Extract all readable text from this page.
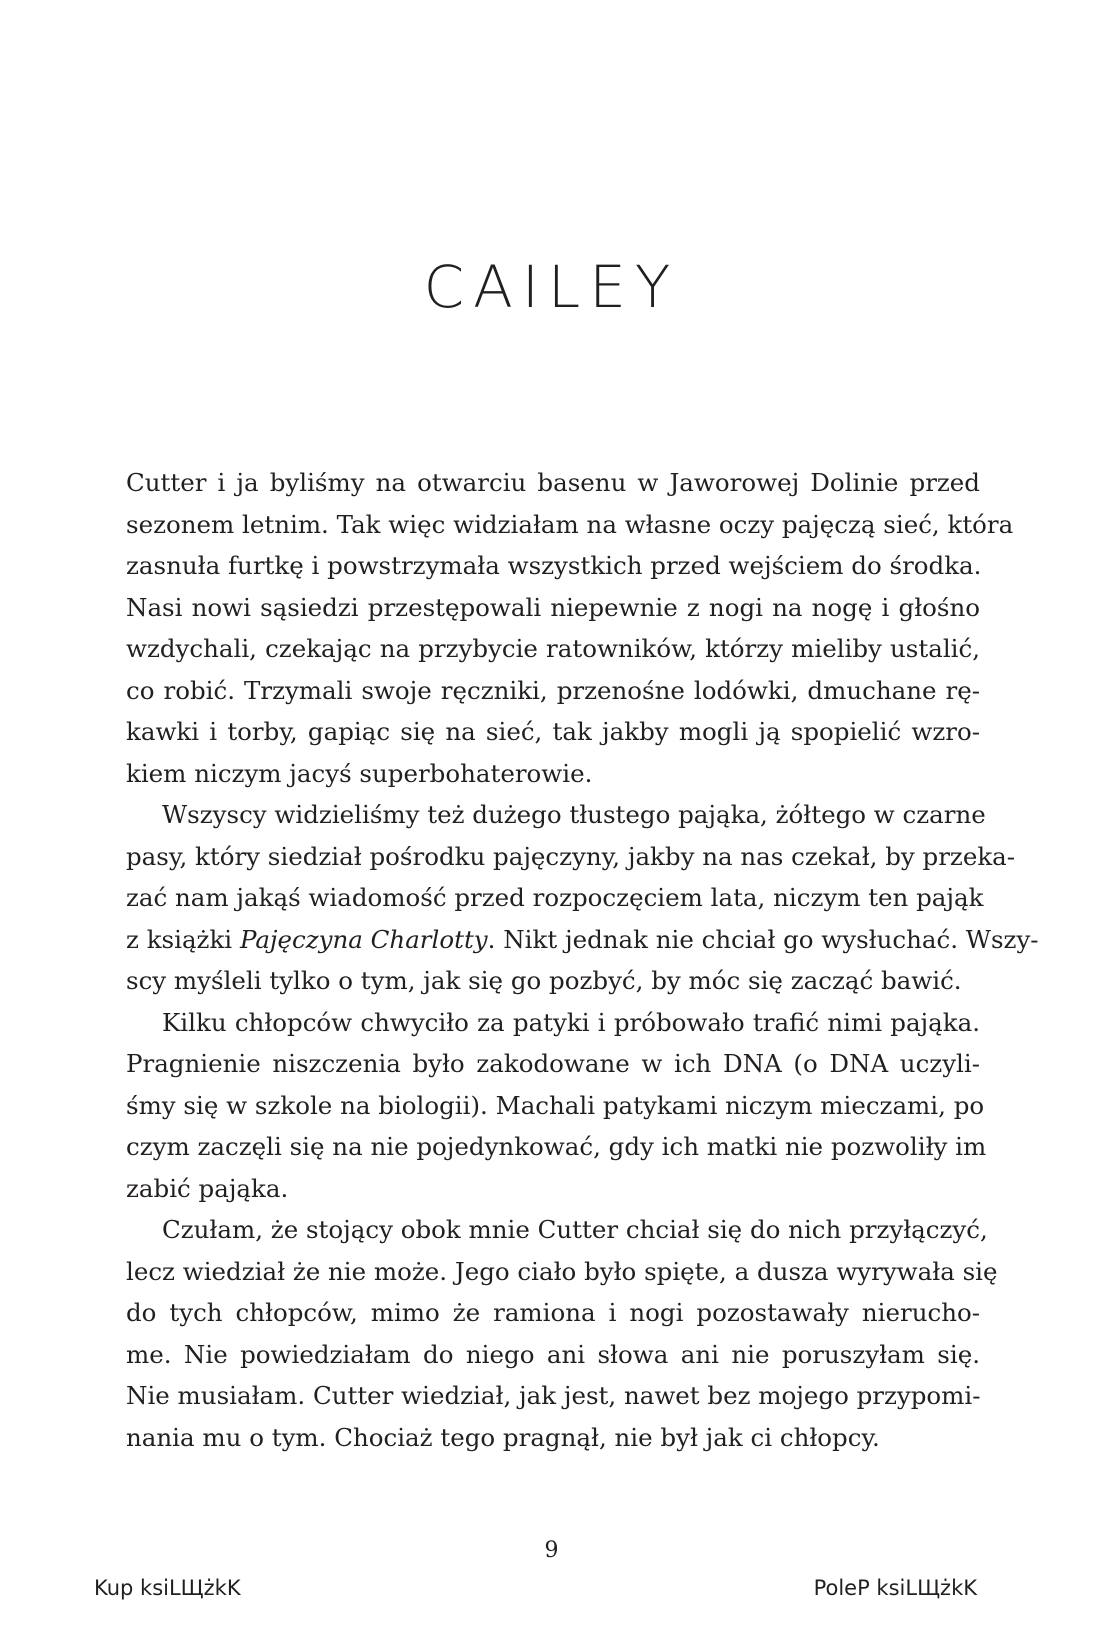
CAILEY

Cutter i ja byliśmy na otwarciu basenu w Jaworowej Dolinie przed
sezonem letnim. Tak więc widziałam na własne oczy pajęczą sieć, która
zasnuła furtkę i powstrzymała wszystkich przed wejściem do środka.
Nasi nowi sąsiedzi przestępowali niepewnie z nogi na nogę i głośno
wzdychali, czekając na przybycie ratowników, którzy mieliby ustalić,
co robić. Trzymali swoje ręczniki, przenośne lodówki, dmuchane rę-
kawki i torby, gapiąc się na sieć, tak jakby mogli ją spopielić wzro-
kiem niczym jacyś superbohaterowie.

Wszyscy widzieliśmy też dużego tłustego pająka, żółtego w czarne
pasy, który siedział pośrodku pajęczyny, jakby na nas czekał, by przeka-
zać nam jakąś wiadomość przed rozpoczęciem lata, niczym ten pająk
z książki Pajęczyna Charlotty. Nikt jednak nie chciał go wysłuchać. Wszy-
scy myśleli tylko o tym, jak się go pozbyć, by móc się zacząć bawić.

Kilku chłopców chwyciło za patyki i próbowało trafić nimi pająka.
Pragnienie niszczenia było zakodowane w ich DNA (o DNA uczyli-
śmy się w szkole na biologii). Machali patykami niczym mieczami, po
czym zaczęli się na nie pojedynkować, gdy ich matki nie pozwoliły im
zabić pająka.

Czułam, że stojący obok mnie Cutter chciał się do nich przyłączyć,
lecz wiedział że nie może. Jego ciało było spięte, a dusza wyrywała się
do tych chłopców, mimo że ramiona i nogi pozostawały nierucho-
me. Nie powiedziałam do niego ani słowa ani nie poruszyłam się.
Nie musiałam. Cutter wiedział, jak jest, nawet bez mojego przypomi-
nania mu o tym. Chociaż tego pragnął, nie był jak ci chłopcy.

9
Kup ksiLЩżkK	PoleP ksiLЩżkK
